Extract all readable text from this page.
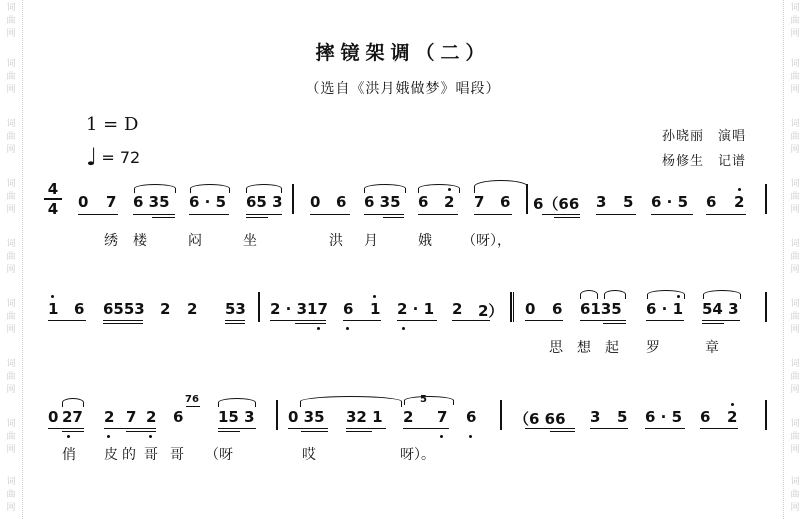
词
曲
网
词
曲
网
词
曲
网
词
曲
网
词
曲
网
词
曲
网
词
曲
网
词
曲
网
词
曲
网
词
曲
网
词
曲
网
词
曲
网
词
曲
网
词
曲
网
词
曲
网
词
曲
网
词
曲
网
词
曲
网
摔镜架调（二）
（选自《洪月娥做梦》唱段）
1 = D
♩ = 72
孙晓丽　演唱
杨修生　记谱
$\frac{4}{4} 0$ 7 6 35 6 · 5 65 3 0 6 6 35 6 2 7 6 6（66 3 5 6 · 5 6 2
绣 楼	闷	坐	洪 月	娥 （呀），
1 6 6553 2 2 53 2 · 317 6 1 2 · 1 2 2） 0 6 6135 6 · 1 54 3
思 想 起 罗	章
0 27 2 7 2 6
76
15 3 0 35 32 1 2
5
7 6	（6 66 3 5 6 · 5 6 2
俏 皮 的 哥 哥 （呀	哎	呀）。
